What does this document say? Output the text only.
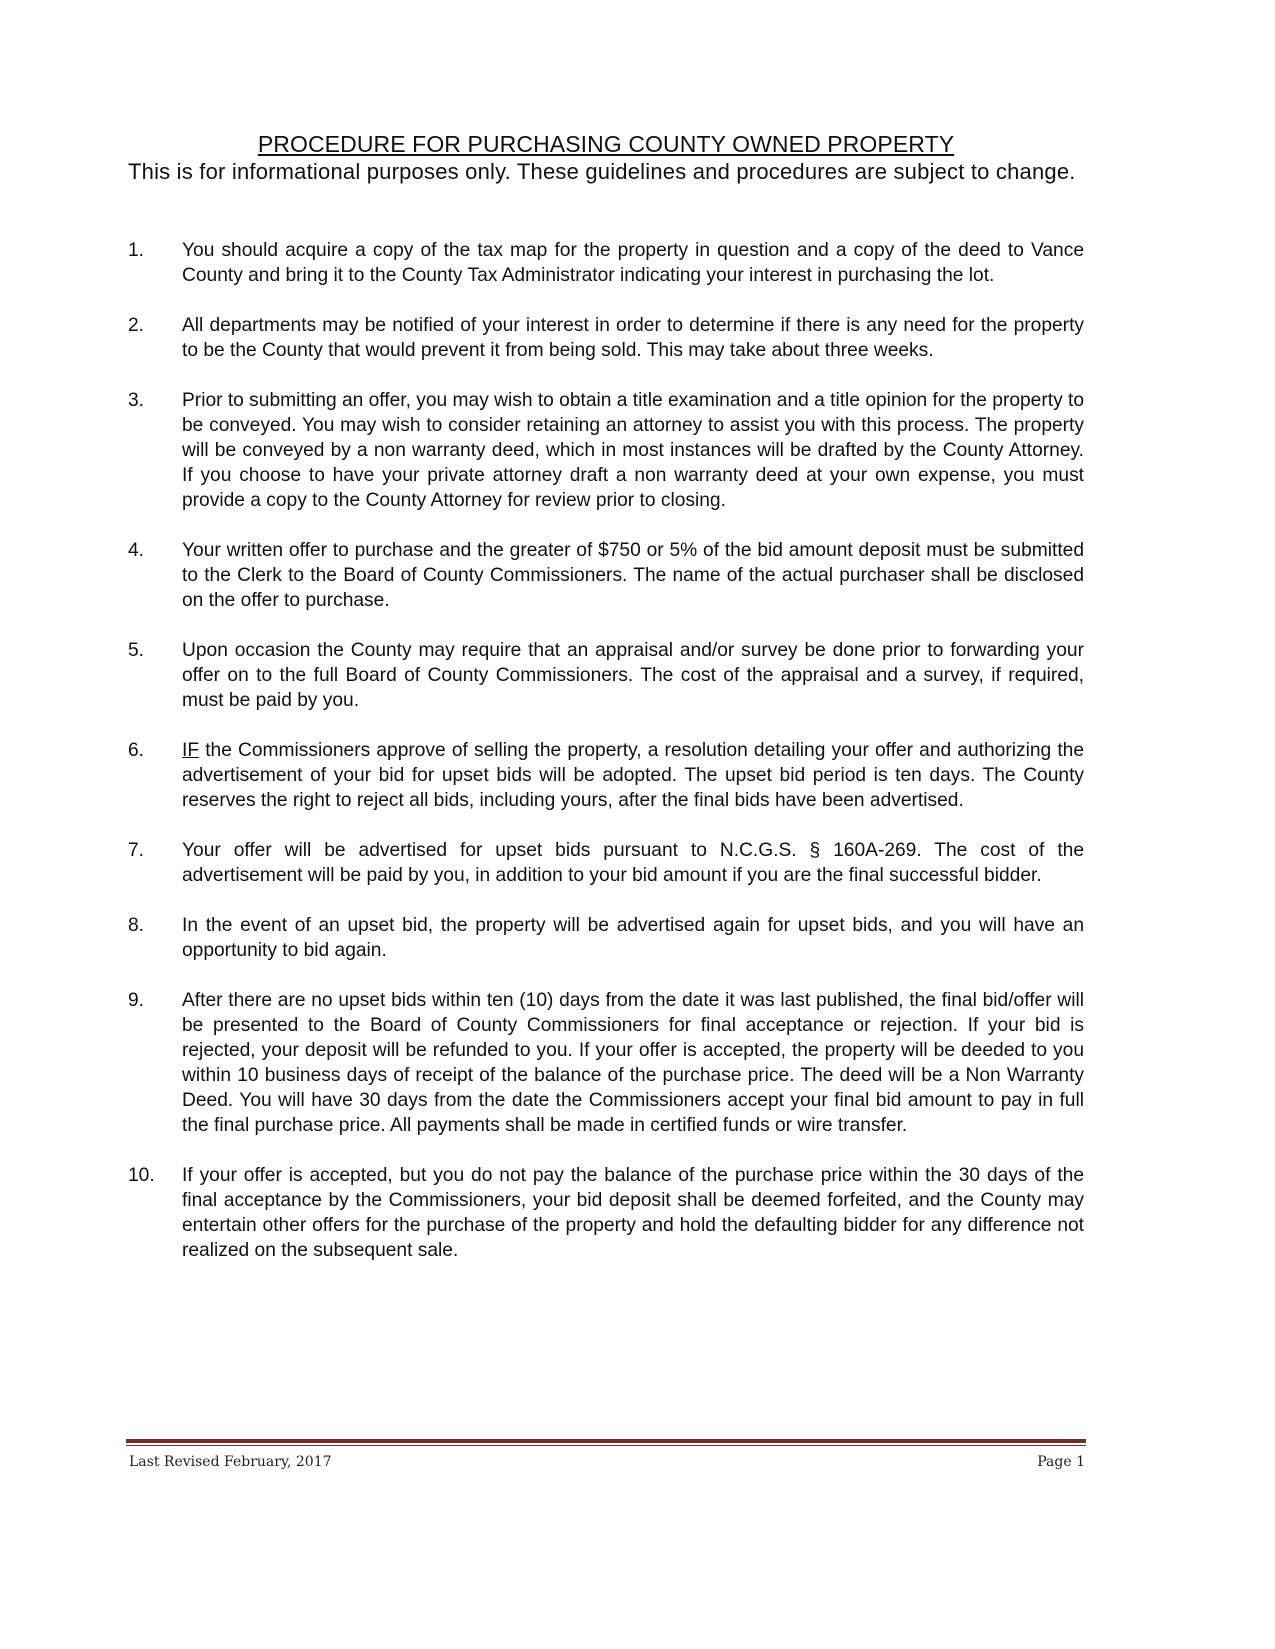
PROCEDURE FOR PURCHASING COUNTY OWNED PROPERTY
This is for informational purposes only. These guidelines and procedures are subject to change.
1. You should acquire a copy of the tax map for the property in question and a copy of the deed to Vance County and bring it to the County Tax Administrator indicating your interest in purchasing the lot.
2. All departments may be notified of your interest in order to determine if there is any need for the property to be the County that would prevent it from being sold. This may take about three weeks.
3. Prior to submitting an offer, you may wish to obtain a title examination and a title opinion for the property to be conveyed. You may wish to consider retaining an attorney to assist you with this process. The property will be conveyed by a non warranty deed, which in most instances will be drafted by the County Attorney. If you choose to have your private attorney draft a non warranty deed at your own expense, you must provide a copy to the County Attorney for review prior to closing.
4. Your written offer to purchase and the greater of $750 or 5% of the bid amount deposit must be submitted to the Clerk to the Board of County Commissioners. The name of the actual purchaser shall be disclosed on the offer to purchase.
5. Upon occasion the County may require that an appraisal and/or survey be done prior to forwarding your offer on to the full Board of County Commissioners. The cost of the appraisal and a survey, if required, must be paid by you.
6. IF the Commissioners approve of selling the property, a resolution detailing your offer and authorizing the advertisement of your bid for upset bids will be adopted. The upset bid period is ten days. The County reserves the right to reject all bids, including yours, after the final bids have been advertised.
7. Your offer will be advertised for upset bids pursuant to N.C.G.S. § 160A-269. The cost of the advertisement will be paid by you, in addition to your bid amount if you are the final successful bidder.
8. In the event of an upset bid, the property will be advertised again for upset bids, and you will have an opportunity to bid again.
9. After there are no upset bids within ten (10) days from the date it was last published, the final bid/offer will be presented to the Board of County Commissioners for final acceptance or rejection. If your bid is rejected, your deposit will be refunded to you. If your offer is accepted, the property will be deeded to you within 10 business days of receipt of the balance of the purchase price. The deed will be a Non Warranty Deed. You will have 30 days from the date the Commissioners accept your final bid amount to pay in full the final purchase price. All payments shall be made in certified funds or wire transfer.
10. If your offer is accepted, but you do not pay the balance of the purchase price within the 30 days of the final acceptance by the Commissioners, your bid deposit shall be deemed forfeited, and the County may entertain other offers for the purchase of the property and hold the defaulting bidder for any difference not realized on the subsequent sale.
Last Revised February, 2017	Page 1
